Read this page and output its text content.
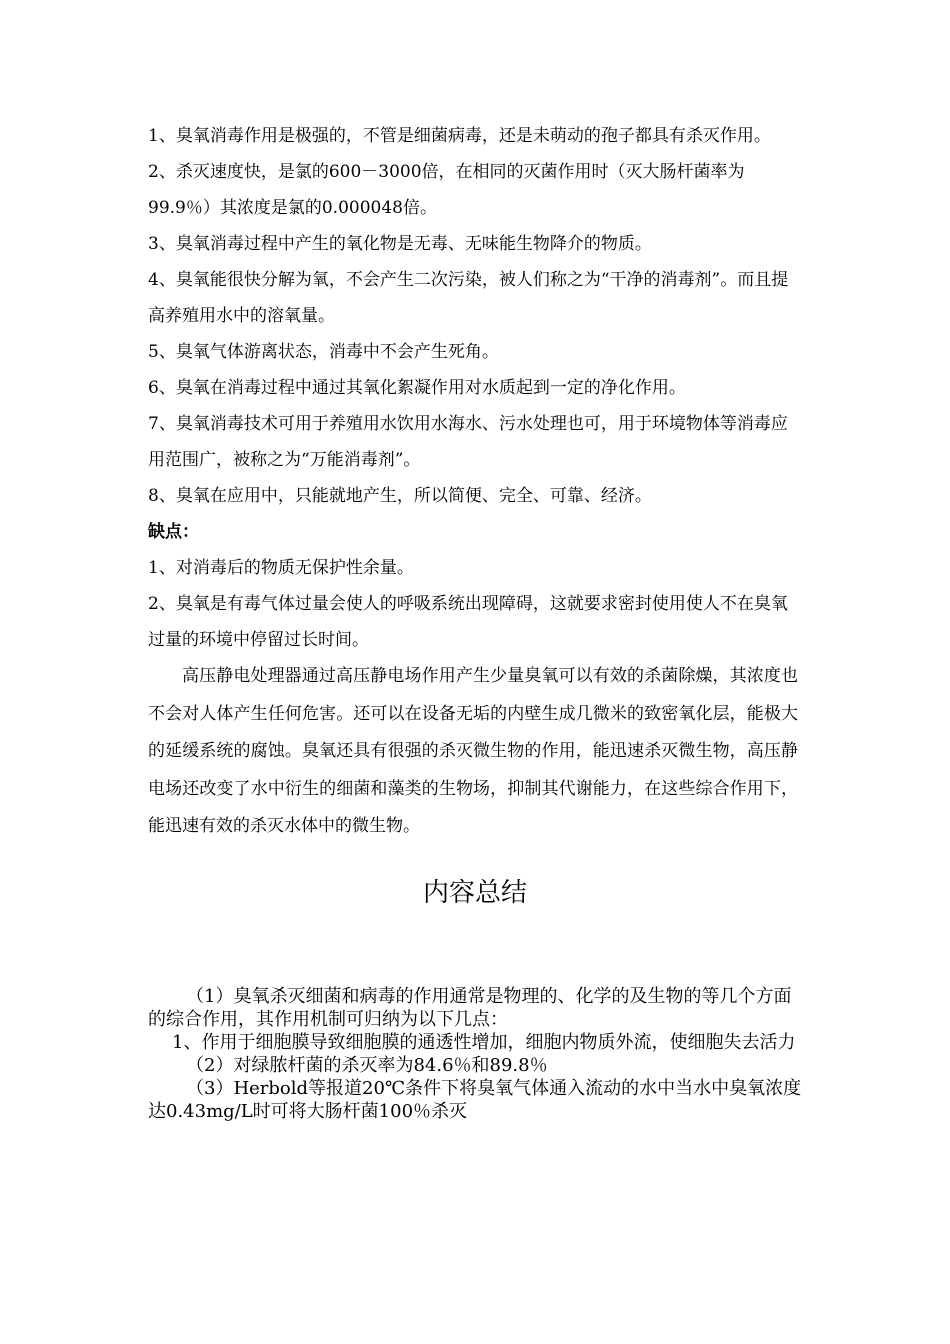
1、臭氧消毒作用是极强的，不管是细菌病毒，还是未萌动的孢子都具有杀灭作用。

2、杀灭速度快，是氯的600－3000倍，在相同的灭菌作用时（灭大肠杆菌率为99.9％）其浓度是氯的0.000048倍。

3、臭氧消毒过程中产生的氧化物是无毒、无味能生物降介的物质。

4、臭氧能很快分解为氧，不会产生二次污染，被人们称之为“干净的消毒剂”。而且提高养殖用水中的溶氧量。

5、臭氧气体游离状态，消毒中不会产生死角。

6、臭氧在消毒过程中通过其氧化絮凝作用对水质起到一定的净化作用。

7、臭氧消毒技术可用于养殖用水饮用水海水、污水处理也可，用于环境物体等消毒应用范围广，被称之为“万能消毒剂”。

8、臭氧在应用中，只能就地产生，所以简便、完全、可靠、经济。

缺点：

1、对消毒后的物质无保护性余量。

2、臭氧是有毒气体过量会使人的呼吸系统出现障碍，这就要求密封使用使人不在臭氧过量的环境中停留过长时间。

高压静电处理器通过高压静电场作用产生少量臭氧可以有效的杀菌除燥，其浓度也不会对人体产生任何危害。还可以在设备无垢的内壁生成几微米的致密氧化层，能极大的延缓系统的腐蚀。臭氧还具有很强的杀灭微生物的作用，能迅速杀灭微生物，高压静电场还改变了水中衍生的细菌和藻类的生物场，抑制其代谢能力，在这些综合作用下，能迅速有效的杀灭水体中的微生物。

内容总结

（1）臭氧杀灭细菌和病毒的作用通常是物理的、化学的及生物的等几个方面的综合作用，其作用机制可归纳为以下几点：

1、作用于细胞膜导致细胞膜的通透性增加，细胞内物质外流，使细胞失去活力

（2）对绿脓杆菌的杀灭率为84.6％和89.8％

（3）Herbold等报道20℃条件下将臭氧气体通入流动的水中当水中臭氧浓度达0.43mg/L时可将大肠杆菌100％杀灭
